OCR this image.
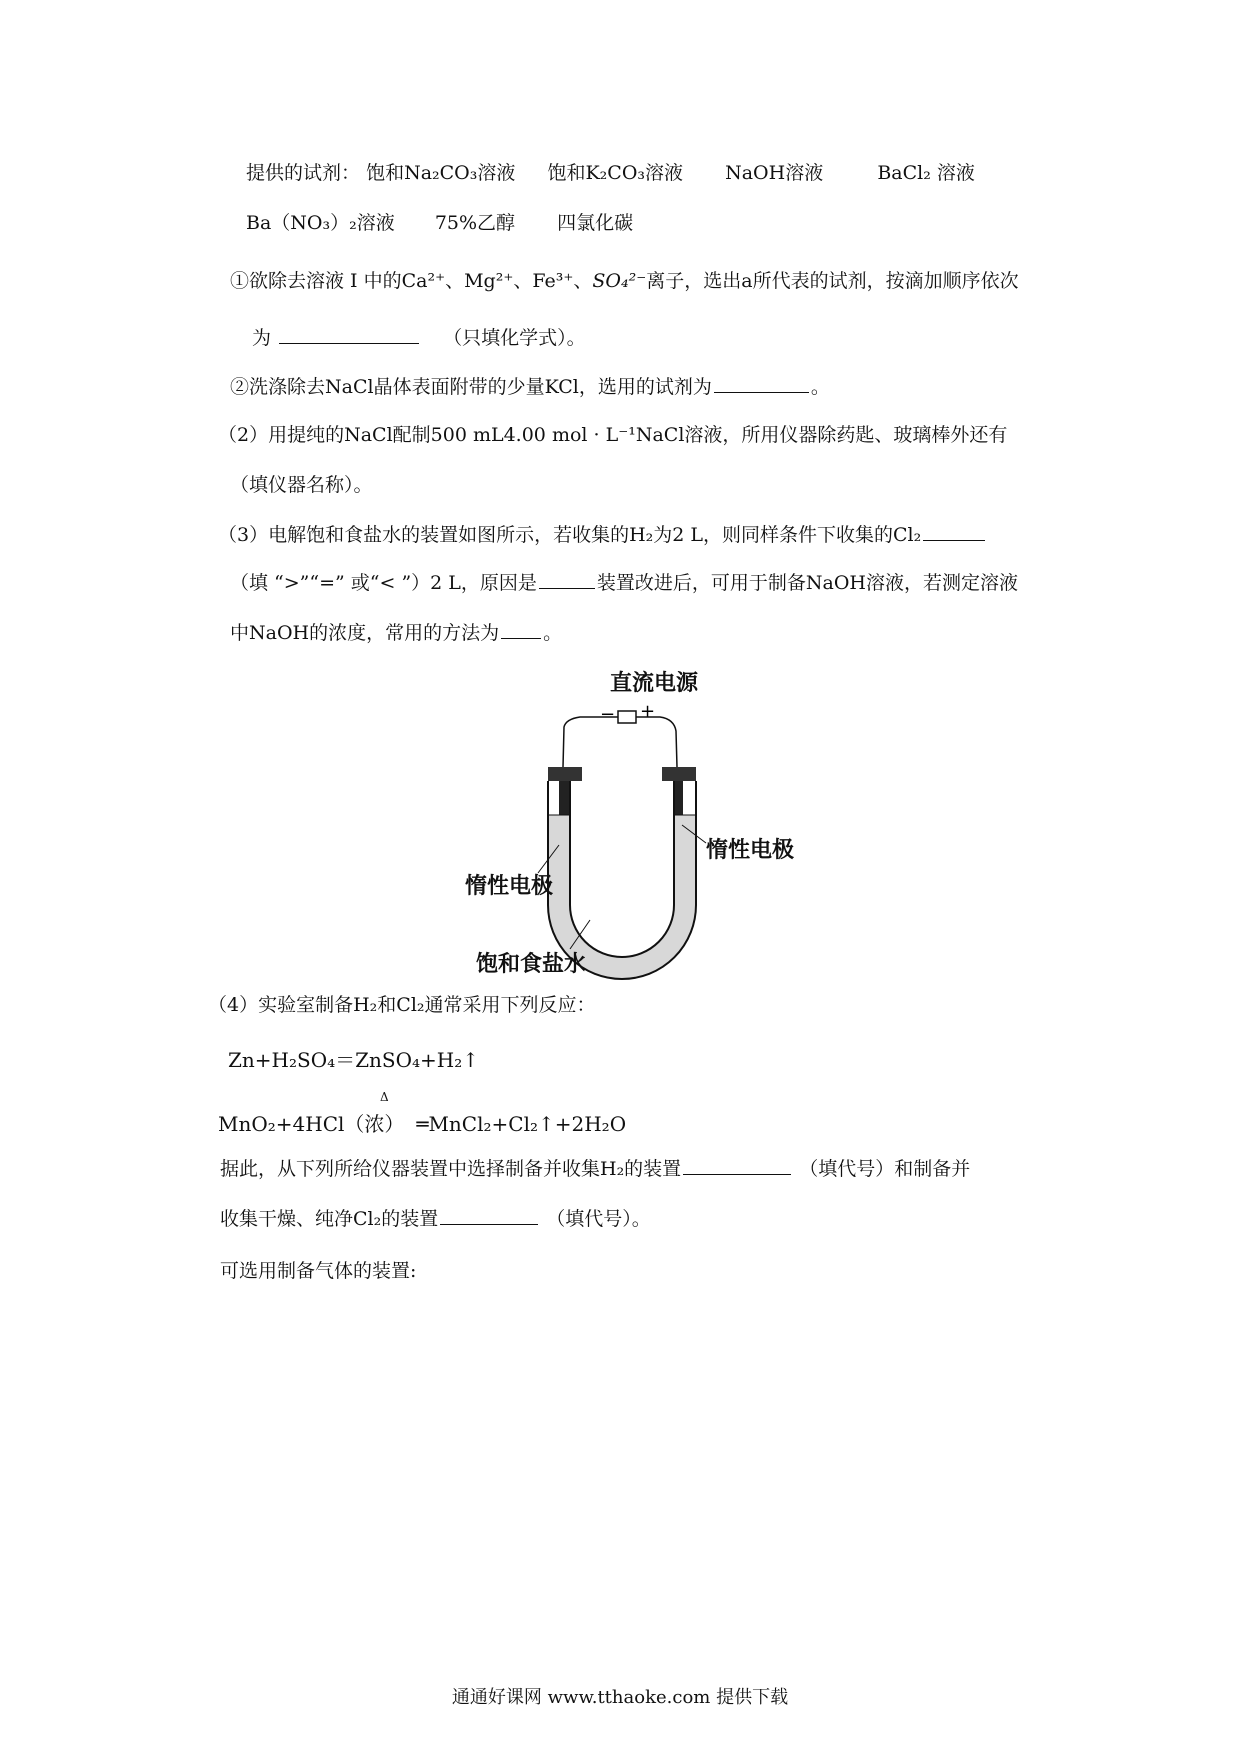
提供的试剂： 饱和Na₂CO₃溶液 饱和K₂CO₃溶液 NaOH溶液	BaCl₂ 溶液
Ba（NO₃）₂溶液 75%乙醇 四氯化碳
①欲除去溶液 I 中的Ca²⁺、Mg²⁺、Fe³⁺、SO₄²⁻离子，选出a所代表的试剂，按滴加顺序依次
为	（只填化学式）。
②洗涤除去NaCl晶体表面附带的少量KCl，选用的试剂为	。
（2）用提纯的NaCl配制500 mL4.00 mol · L⁻¹NaCl溶液，所用仪器除药匙、玻璃棒外还有
（填仪器名称）。
（3）电解饱和食盐水的装置如图所示，若收集的H₂为2 L，则同样条件下收集的Cl₂
（填 “>”“=” 或“< ”）2 L，原因是	装置改进后，可用于制备NaOH溶液，若测定溶液
中NaOH的浓度，常用的方法为 。
直流电源
− +
惰性电极
惰性电极
饱和食盐水
（4）实验室制备H₂和Cl₂通常采用下列反应：
Zn+H₂SO₄＝ZnSO₄+H₂↑
Δ
MnO₂+4HCl（浓） ═MnCl₂+Cl₂↑+2H₂O
据此，从下列所给仪器装置中选择制备并收集H₂的装置	（填代号）和制备并
收集干燥、纯净Cl₂的装置	（填代号）。
可选用制备气体的装置:
通通好课网 www.tthaoke.com 提供下载
